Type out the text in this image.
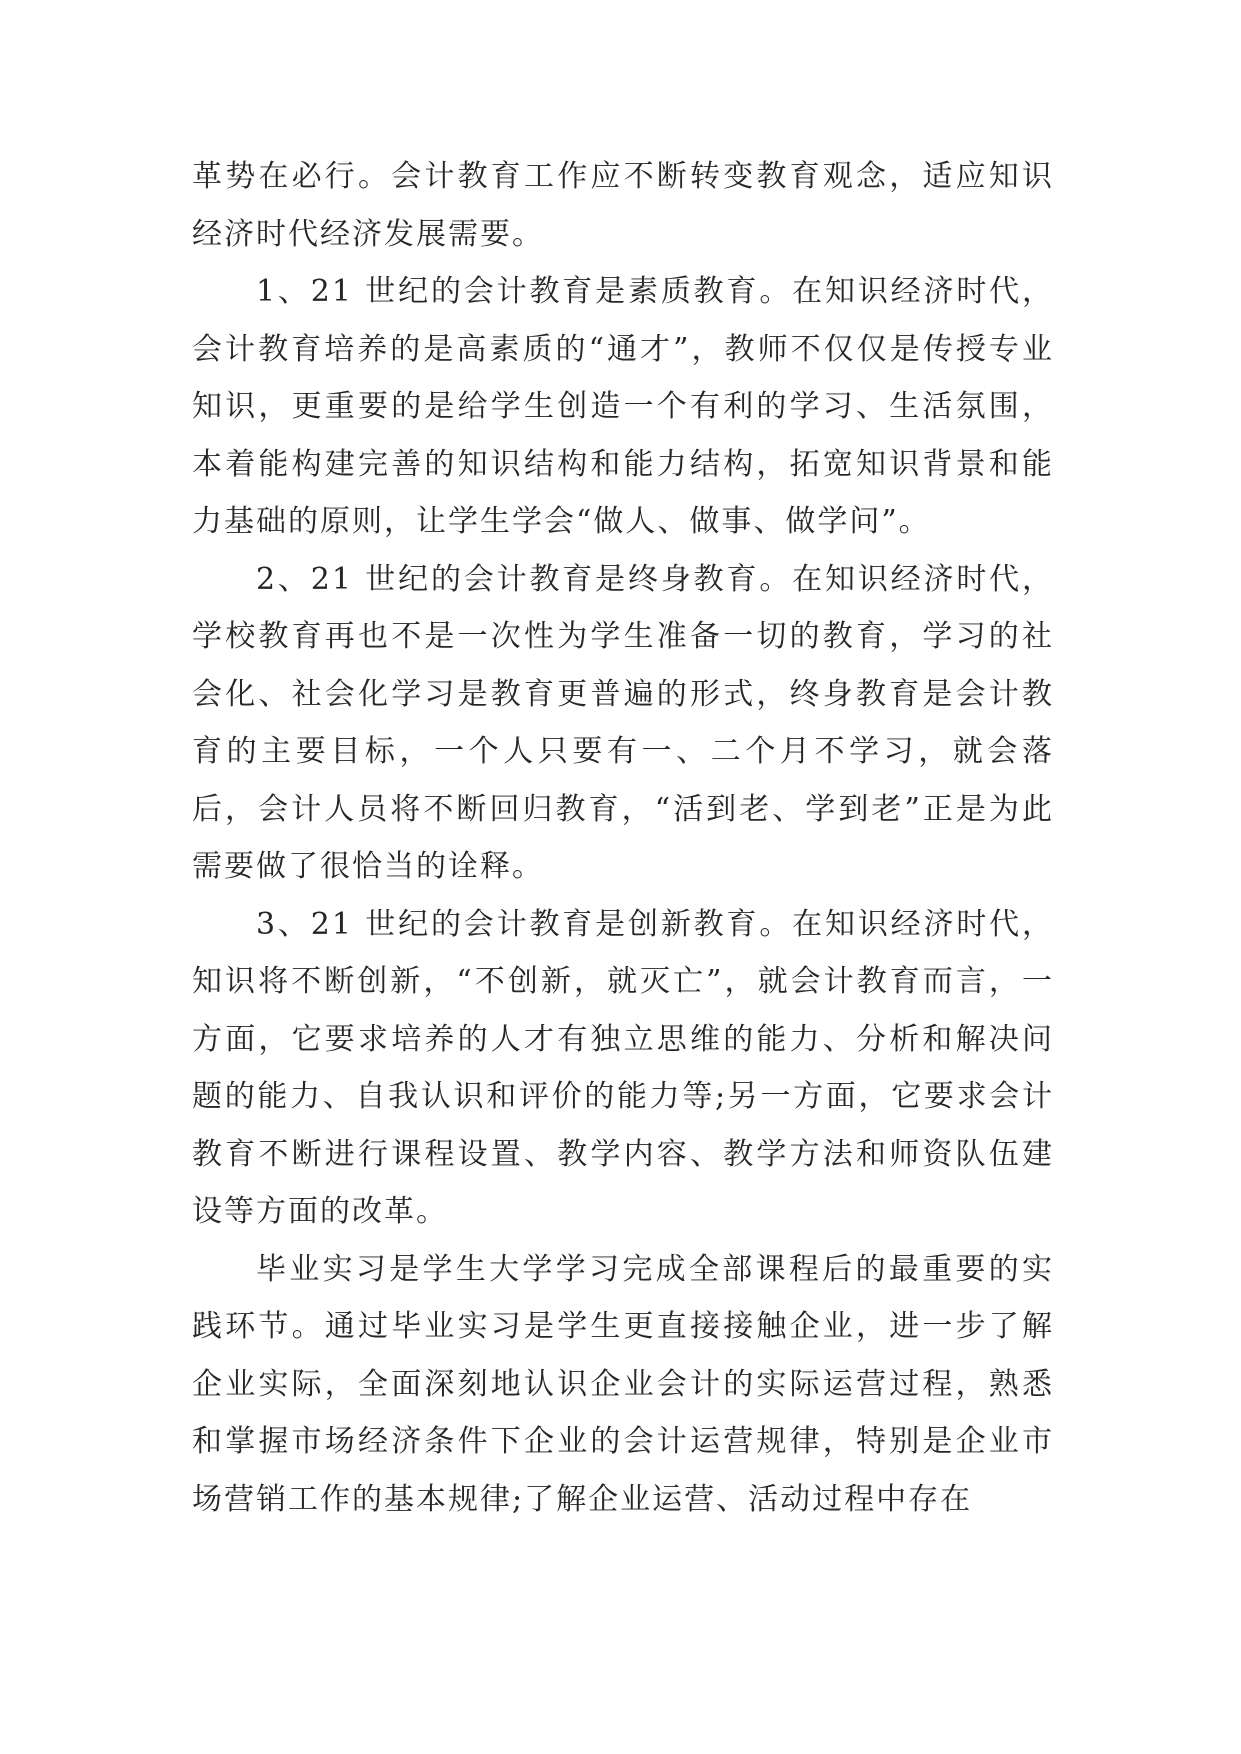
革势在必行。会计教育工作应不断转变教育观念，适应知识经济时代经济发展需要。

1、21 世纪的会计教育是素质教育。在知识经济时代，会计教育培养的是高素质的“通才”，教师不仅仅是传授专业知识，更重要的是给学生创造一个有利的学习、生活氛围，本着能构建完善的知识结构和能力结构，拓宽知识背景和能力基础的原则，让学生学会“做人、做事、做学问”。

2、21 世纪的会计教育是终身教育。在知识经济时代，学校教育再也不是一次性为学生准备一切的教育，学习的社会化、社会化学习是教育更普遍的形式，终身教育是会计教育的主要目标，一个人只要有一、二个月不学习，就会落后，会计人员将不断回归教育，“活到老、学到老”正是为此需要做了很恰当的诠释。

3、21 世纪的会计教育是创新教育。在知识经济时代，知识将不断创新，“不创新，就灭亡”，就会计教育而言，一方面，它要求培养的人才有独立思维的能力、分析和解决问题的能力、自我认识和评价的能力等;另一方面，它要求会计教育不断进行课程设置、教学内容、教学方法和师资队伍建设等方面的改革。

毕业实习是学生大学学习完成全部课程后的最重要的实践环节。通过毕业实习是学生更直接接触企业，进一步了解企业实际，全面深刻地认识企业会计的实际运营过程，熟悉和掌握市场经济条件下企业的会计运营规律，特别是企业市场营销工作的基本规律;了解企业运营、活动过程中存在
